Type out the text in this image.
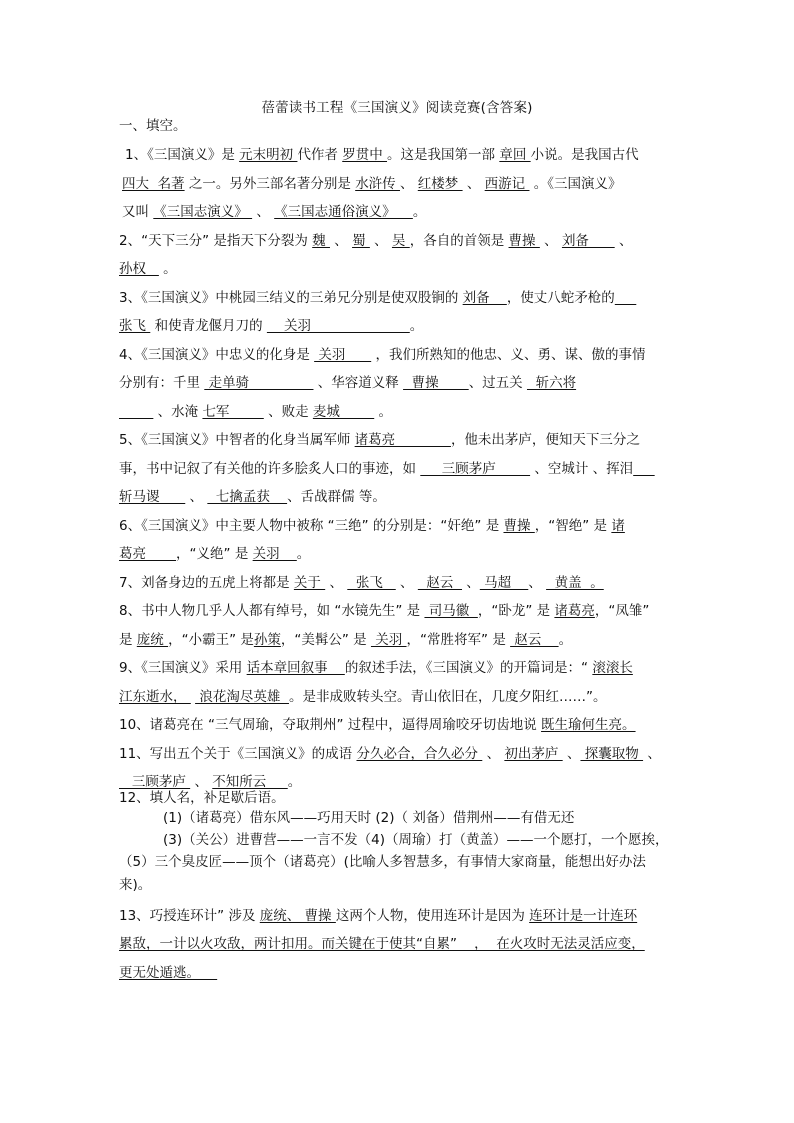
蓓蕾读书工程《三国演义》阅读竞赛(含答案)
一、填空。
1、《三国演义》是 元末明初 代作者 罗贯中 。这是我国第一部 章回 小说。是我国古代
四大  名著 之一。另外三部名著分别是 水浒传 、 红楼梦  、 西游记  。《三国演义》
又叫 《三国志演义》  、 《三国志通俗演义》    。
2、“天下三分” 是指天下分裂为 魏  、 蜀  、 吴 ，各自的首领是 曹操  、 刘备       、
孙权    。
3、《三国演义》中桃园三结义的三弟兄分别是使双股锏的 刘备    ，使丈八蛇矛枪的
张飞  和使青龙偃月刀的     关羽                       。
4、《三国演义》中忠义的化身是  关羽       ，我们所熟知的他忠、义、勇、谋、傲的事情
分别有：千里  走单骑                、华容道义释   曹操       、过五关   斩六将
、水淹 七军         、败走 麦城         。
5、《三国演义》中智者的化身当属军师 诸葛亮             ，他未出茅庐，便知天下三分之
事，书中记叙了有关他的许多脍炙人口的事迹，如      三顾茅庐         、空城计 、挥泪
斩马谡       、   七擒孟获    、舌战群儒 等。
6、《三国演义》中主要人物中被称 “三绝” 的分别是：“奸绝” 是 曹操 ，“智绝” 是 诸
葛亮       ，“义绝” 是 关羽    。
7、刘备身边的五虎上将都是 关于  、   张飞    、   赵云   、 马超    、   黄盖  。
8、书中人物几乎人人都有绰号，如 “水镜先生” 是  司马徽  ，“卧龙” 是 诸葛亮，“凤雏”
是 庞统 ，“小霸王” 是孙策，“美髯公” 是  关羽 ，“常胜将军” 是  赵云    。
9、《三国演义》采用 话本章回叙事    的叙述手法，《三国演义》的开篇词是：“ 滚滚长
江东逝水，   浪花淘尽英雄  。是非成败转头空。青山依旧在，几度夕阳红……”。
10、诸葛亮在 “三气周瑜，夺取荆州” 过程中，逼得周瑜咬牙切齿地说 既生瑜何生亮。
11、写出五个关于《三国演义》的成语 分久必合，合久必分  、 初出茅庐  、 探囊取物  、
三顾茅庐  、 不知所云     。
12、填人名，补足歇后语。
(1)（诸葛亮）借东风——巧用天时 (2)（ 刘备）借荆州——有借无还
(3)（关公）进曹营——一言不发（4)（周瑜）打（黄盖）——一个愿打，一个愿挨，
（5）三个臭皮匠——顶个（诸葛亮）(比喻人多智慧多，有事情大家商量，能想出好办法
来)。
13、巧授连环计” 涉及 庞统、 曹操 这两个人物，使用连环计是因为 连环计是一计连环
累敌，一计以火攻敌，两计扣用。而关键在于使其“自累”    ，  在火攻时无法灵活应变，
更无处遁逃。
